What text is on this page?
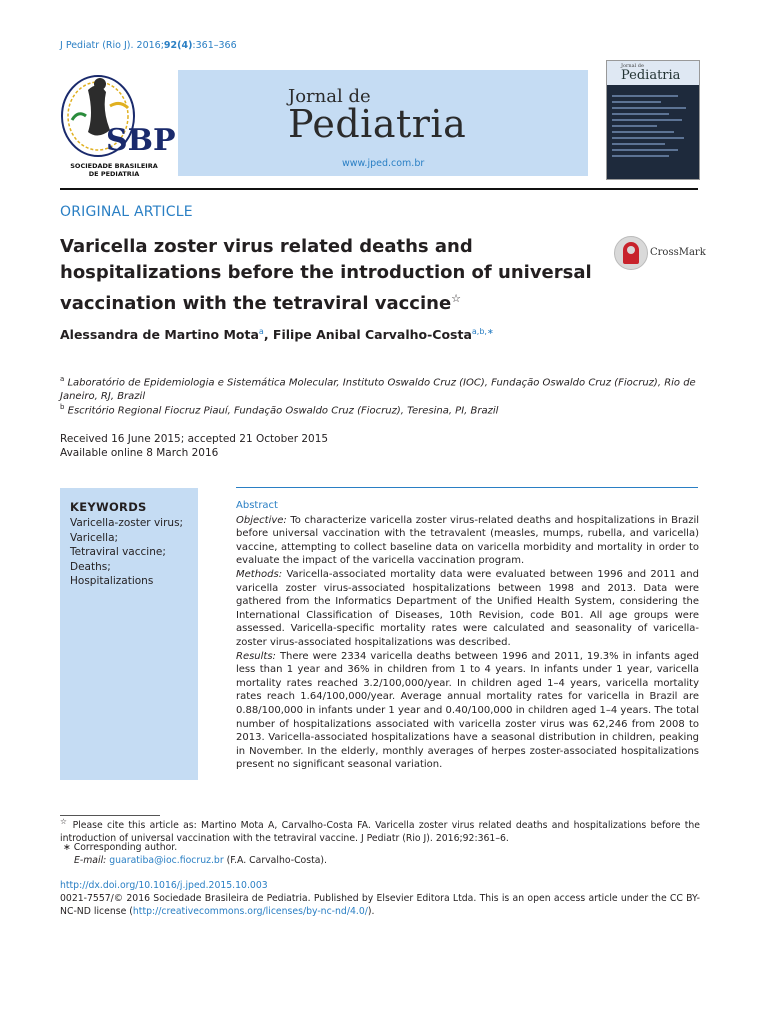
J Pediatr (Rio J). 2016;92(4):361–366
SBP
SOCIEDADE BRASILEIRA
DE PEDIATRIA
Jornal de
Pediatria
www.jped.com.br
Jornal de
Pediatria
ORIGINAL ARTICLE
Varicella zoster virus related deaths and hospitalizations before the introduction of universal vaccination with the tetraviral vaccine☆
CrossMark
Alessandra de Martino Mota$^a$, Filipe Anibal Carvalho-Costa$^{a,b,∗}$
$^a$ Laboratório de Epidemiologia e Sistemática Molecular, Instituto Oswaldo Cruz (IOC), Fundação Oswaldo Cruz (Fiocruz), Rio de Janeiro, RJ, Brazil
$^b$ Escritório Regional Fiocruz Piauí, Fundação Oswaldo Cruz (Fiocruz), Teresina, PI, Brazil
Received 16 June 2015; accepted 21 October 2015
Available online 8 March 2016
KEYWORDS
Varicella-zoster virus;
Varicella;
Tetraviral vaccine;
Deaths;
Hospitalizations
Abstract

Objective: To characterize varicella zoster virus-related deaths and hospitalizations in Brazil before universal vaccination with the tetravalent (measles, mumps, rubella, and varicella) vaccine, attempting to collect baseline data on varicella morbidity and mortality in order to evaluate the impact of the varicella vaccination program.

Methods: Varicella-associated mortality data were evaluated between 1996 and 2011 and varicella zoster virus-associated hospitalizations between 1998 and 2013. Data were gathered from the Informatics Department of the Unified Health System, considering the International Classification of Diseases, 10th Revision, code B01. All age groups were assessed. Varicella-specific mortality rates were calculated and seasonality of varicella-zoster virus-associated hospitalizations was described.

Results: There were 2334 varicella deaths between 1996 and 2011, 19.3% in infants aged less than 1 year and 36% in children from 1 to 4 years. In infants under 1 year, varicella mortality rates reached 3.2/100,000/year. In children aged 1–4 years, varicella mortality rates reach 1.64/100,000/year. Average annual mortality rates for varicella in Brazil are 0.88/100,000 in infants under 1 year and 0.40/100,000 in children aged 1–4 years. The total number of hospitalizations associated with varicella zoster virus was 62,246 from 2008 to 2013. Varicella-associated hospitalizations have a seasonal distribution in children, peaking in November. In the elderly, monthly averages of herpes zoster-associated hospitalizations present no significant seasonal variation.

☆ Please cite this article as: Martino Mota A, Carvalho-Costa FA. Varicella zoster virus related deaths and hospitalizations before the introduction of universal vaccination with the tetraviral vaccine. J Pediatr (Rio J). 2016;92:361–6.
∗ Corresponding author.
E-mail: guaratiba@ioc.fiocruz.br (F.A. Carvalho-Costa).
http://dx.doi.org/10.1016/j.jped.2015.10.003
0021-7557/© 2016 Sociedade Brasileira de Pediatria. Published by Elsevier Editora Ltda. This is an open access article under the CC BY-NC-ND license (http://creativecommons.org/licenses/by-nc-nd/4.0/).
